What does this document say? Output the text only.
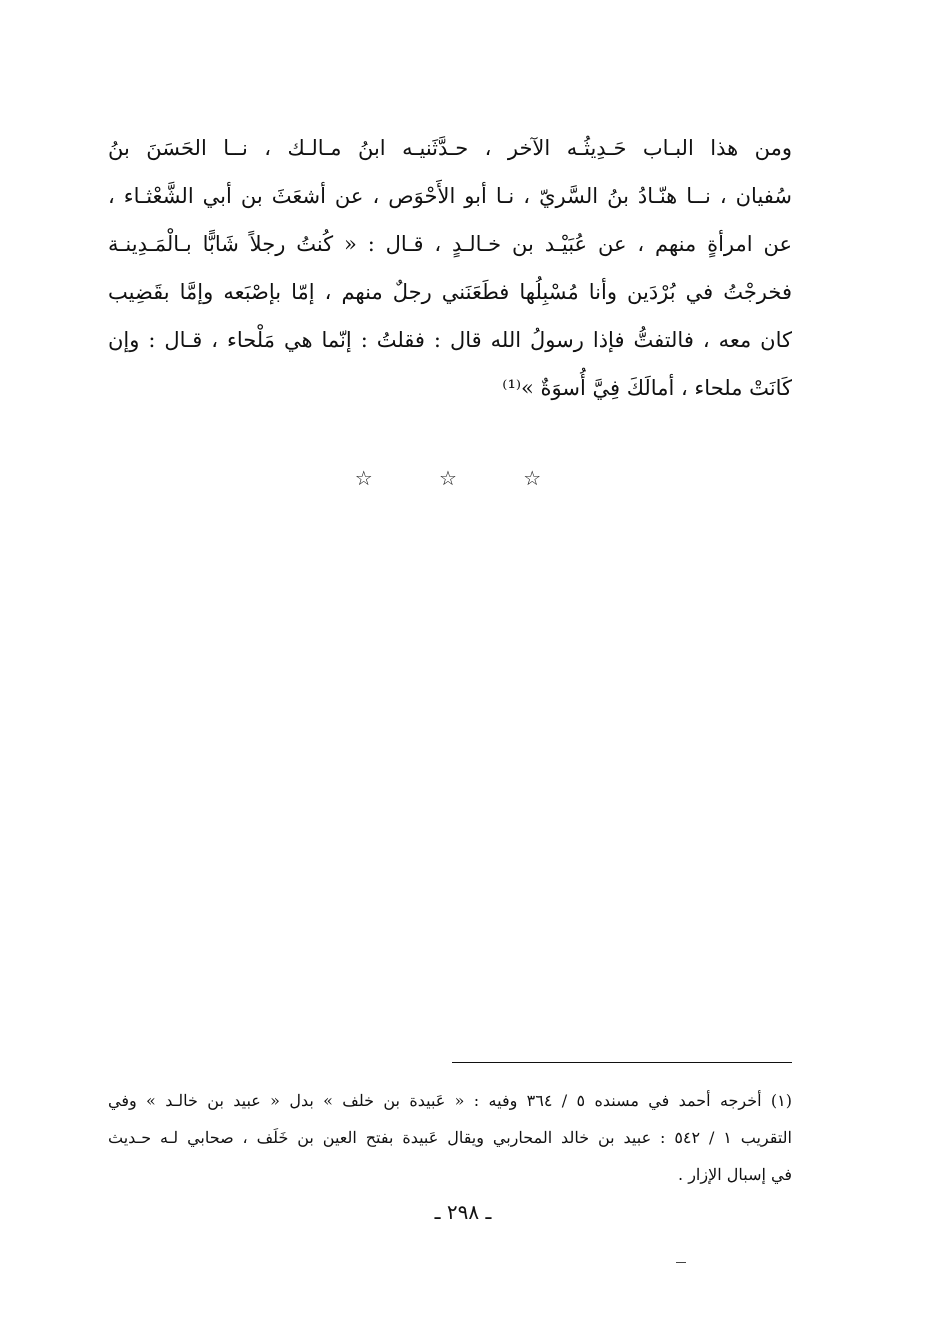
ومن هذا البـاب حَـدِيثُـه الآخر ، حـدَّثَنيـه ابنُ مـالـك ، نــا الحَسَنَ بنُ
سُفيان ، نــا هنّـادُ بنُ السَّريّ ، نـا أبو الأَحْوَص ، عن أشعَثَ بن أبي الشَّعْثـاء ،
عن امرأةٍ منهم ، عن عُبَيْـد بن خـالـدٍ ، قـال : « كُنتُ رجلاً شَابًّا بـالْمَـدِينـة
فخرجْتُ في بُرْدَين وأنا مُسْبِلُها فطَعَنَني رجلٌ منهم ، إمّا بإصْبَعه وإمَّا بقَضِيب
كان معه ، فالتفتُّ فإذا رسولُ الله قال : فقلتُ : إنّما هي مَلْحاء ، قـال : وإن
كَانَتْ ملحاء ، أمالَكَ فِيَّ أُسوَةٌ »⁽¹⁾
☆ ☆ ☆
(١) أخرجه أحمد في مسنده ٥ / ٣٦٤ وفيه : « عَبيدة بن خلف » بدل « عبيد بن خالـد » وفي
التقريب ١ / ٥٤٢ : عبيد بن خالد المحاربي ويقال عَبيدة بفتح العين بن خَلَف ، صحابي لـه حـديث
في إسبال الإزار .
ـ ٢٩٨ ـ
